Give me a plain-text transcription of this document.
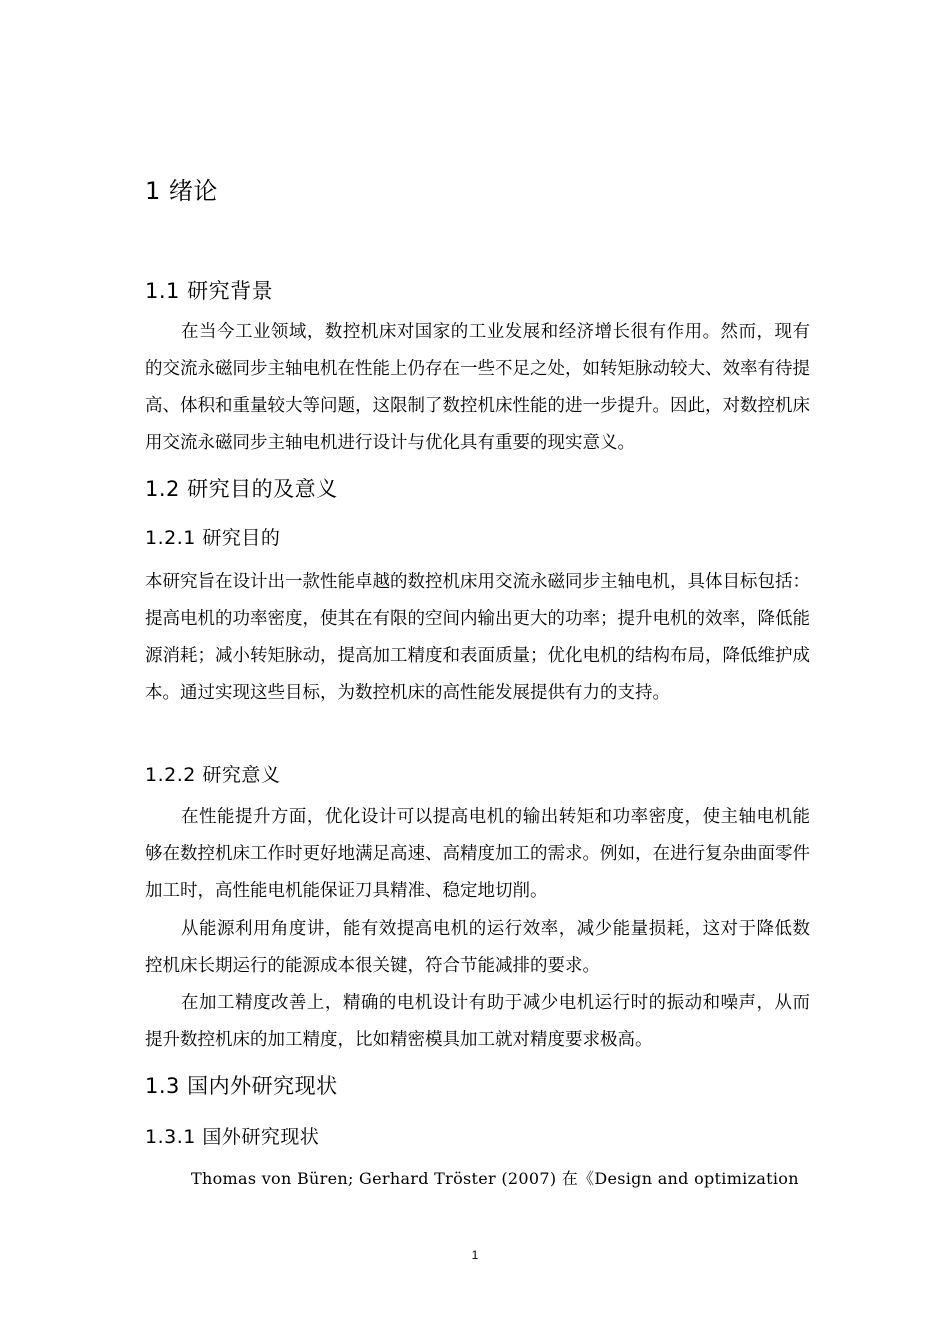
1 绪论
1.1 研究背景

在当今工业领域，数控机床对国家的工业发展和经济增长很有作用。然而，现有的交流永磁同步主轴电机在性能上仍存在一些不足之处，如转矩脉动较大、效率有待提高、体积和重量较大等问题，这限制了数控机床性能的进一步提升。因此，对数控机床用交流永磁同步主轴电机进行设计与优化具有重要的现实意义。

1.2 研究目的及意义
1.2.1 研究目的

本研究旨在设计出一款性能卓越的数控机床用交流永磁同步主轴电机，具体目标包括：提高电机的功率密度，使其在有限的空间内输出更大的功率；提升电机的效率，降低能源消耗；减小转矩脉动，提高加工精度和表面质量；优化电机的结构布局，降低维护成本。通过实现这些目标，为数控机床的高性能发展提供有力的支持。

1.2.2 研究意义

在性能提升方面，优化设计可以提高电机的输出转矩和功率密度，使主轴电机能够在数控机床工作时更好地满足高速、高精度加工的需求。例如，在进行复杂曲面零件加工时，高性能电机能保证刀具精准、稳定地切削。

从能源利用角度讲，能有效提高电机的运行效率，减少能量损耗，这对于降低数控机床长期运行的能源成本很关键，符合节能减排的要求。

在加工精度改善上，精确的电机设计有助于减少电机运行时的振动和噪声，从而提升数控机床的加工精度，比如精密模具加工就对精度要求极高。

1.3 国内外研究现状
1.3.1 国外研究现状

Thomas von Büren; Gerhard Tröster (2007) 在《Design and optimization

1
